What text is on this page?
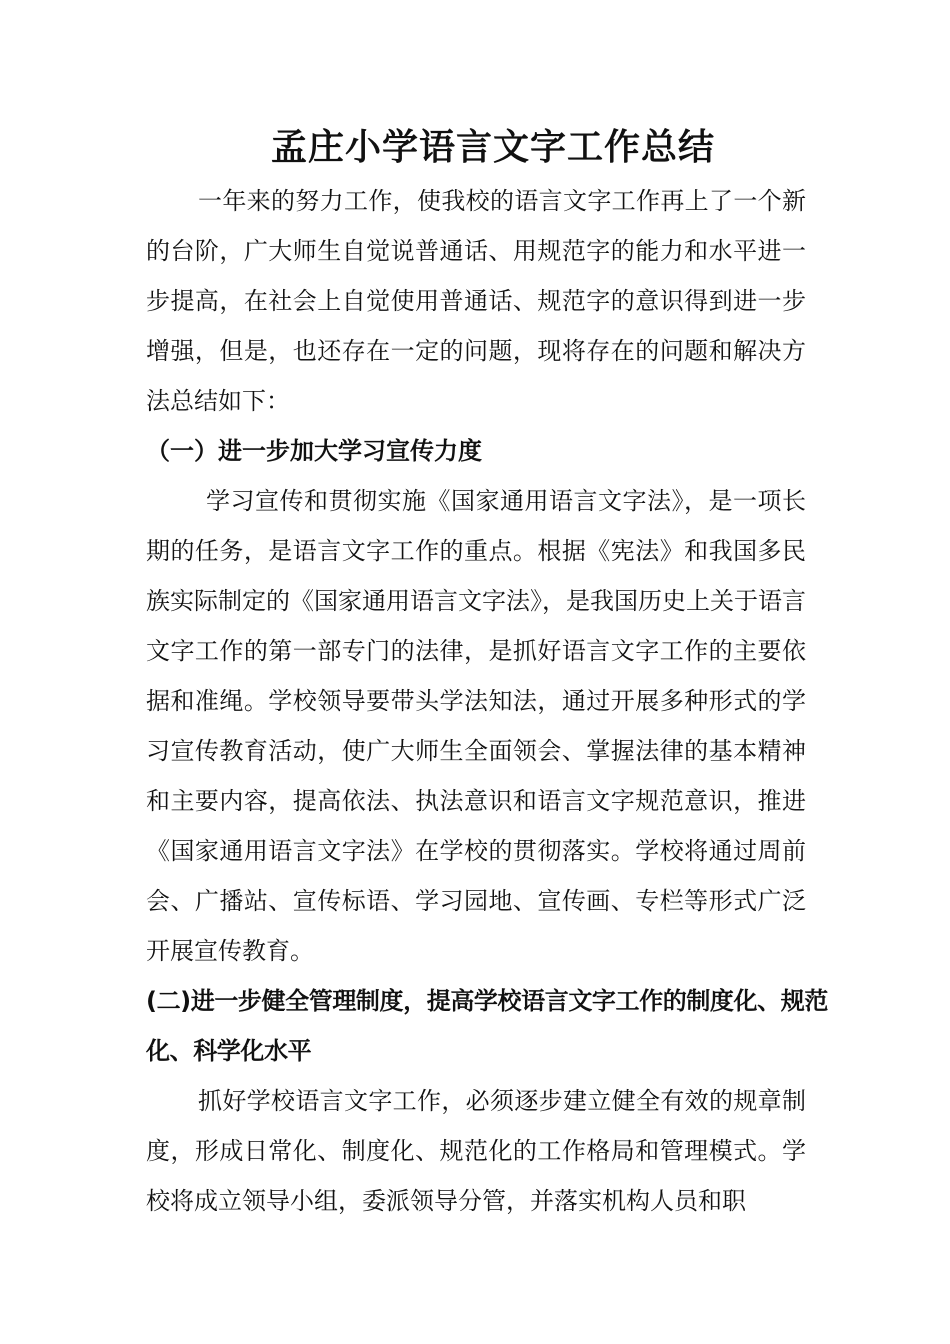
孟庄小学语言文字工作总结

一年来的努力工作，使我校的语言文字工作再上了一个新的台阶，广大师生自觉说普通话、用规范字的能力和水平进一步提高，在社会上自觉使用普通话、规范字的意识得到进一步增强，但是，也还存在一定的问题，现将存在的问题和解决方法总结如下：

（一）进一步加大学习宣传力度

学习宣传和贯彻实施《国家通用语言文字法》，是一项长期的任务，是语言文字工作的重点。根据《宪法》和我国多民族实际制定的《国家通用语言文字法》，是我国历史上关于语言文字工作的第一部专门的法律，是抓好语言文字工作的主要依据和准绳。学校领导要带头学法知法，通过开展多种形式的学习宣传教育活动，使广大师生全面领会、掌握法律的基本精神和主要内容，提高依法、执法意识和语言文字规范意识，推进《国家通用语言文字法》在学校的贯彻落实。学校将通过周前会、广播站、宣传标语、学习园地、宣传画、专栏等形式广泛开展宣传教育。

(二)进一步健全管理制度，提高学校语言文字工作的制度化、规范化、科学化水平

抓好学校语言文字工作，必须逐步建立健全有效的规章制度，形成日常化、制度化、规范化的工作格局和管理模式。学校将成立领导小组，委派领导分管，并落实机构人员和职
